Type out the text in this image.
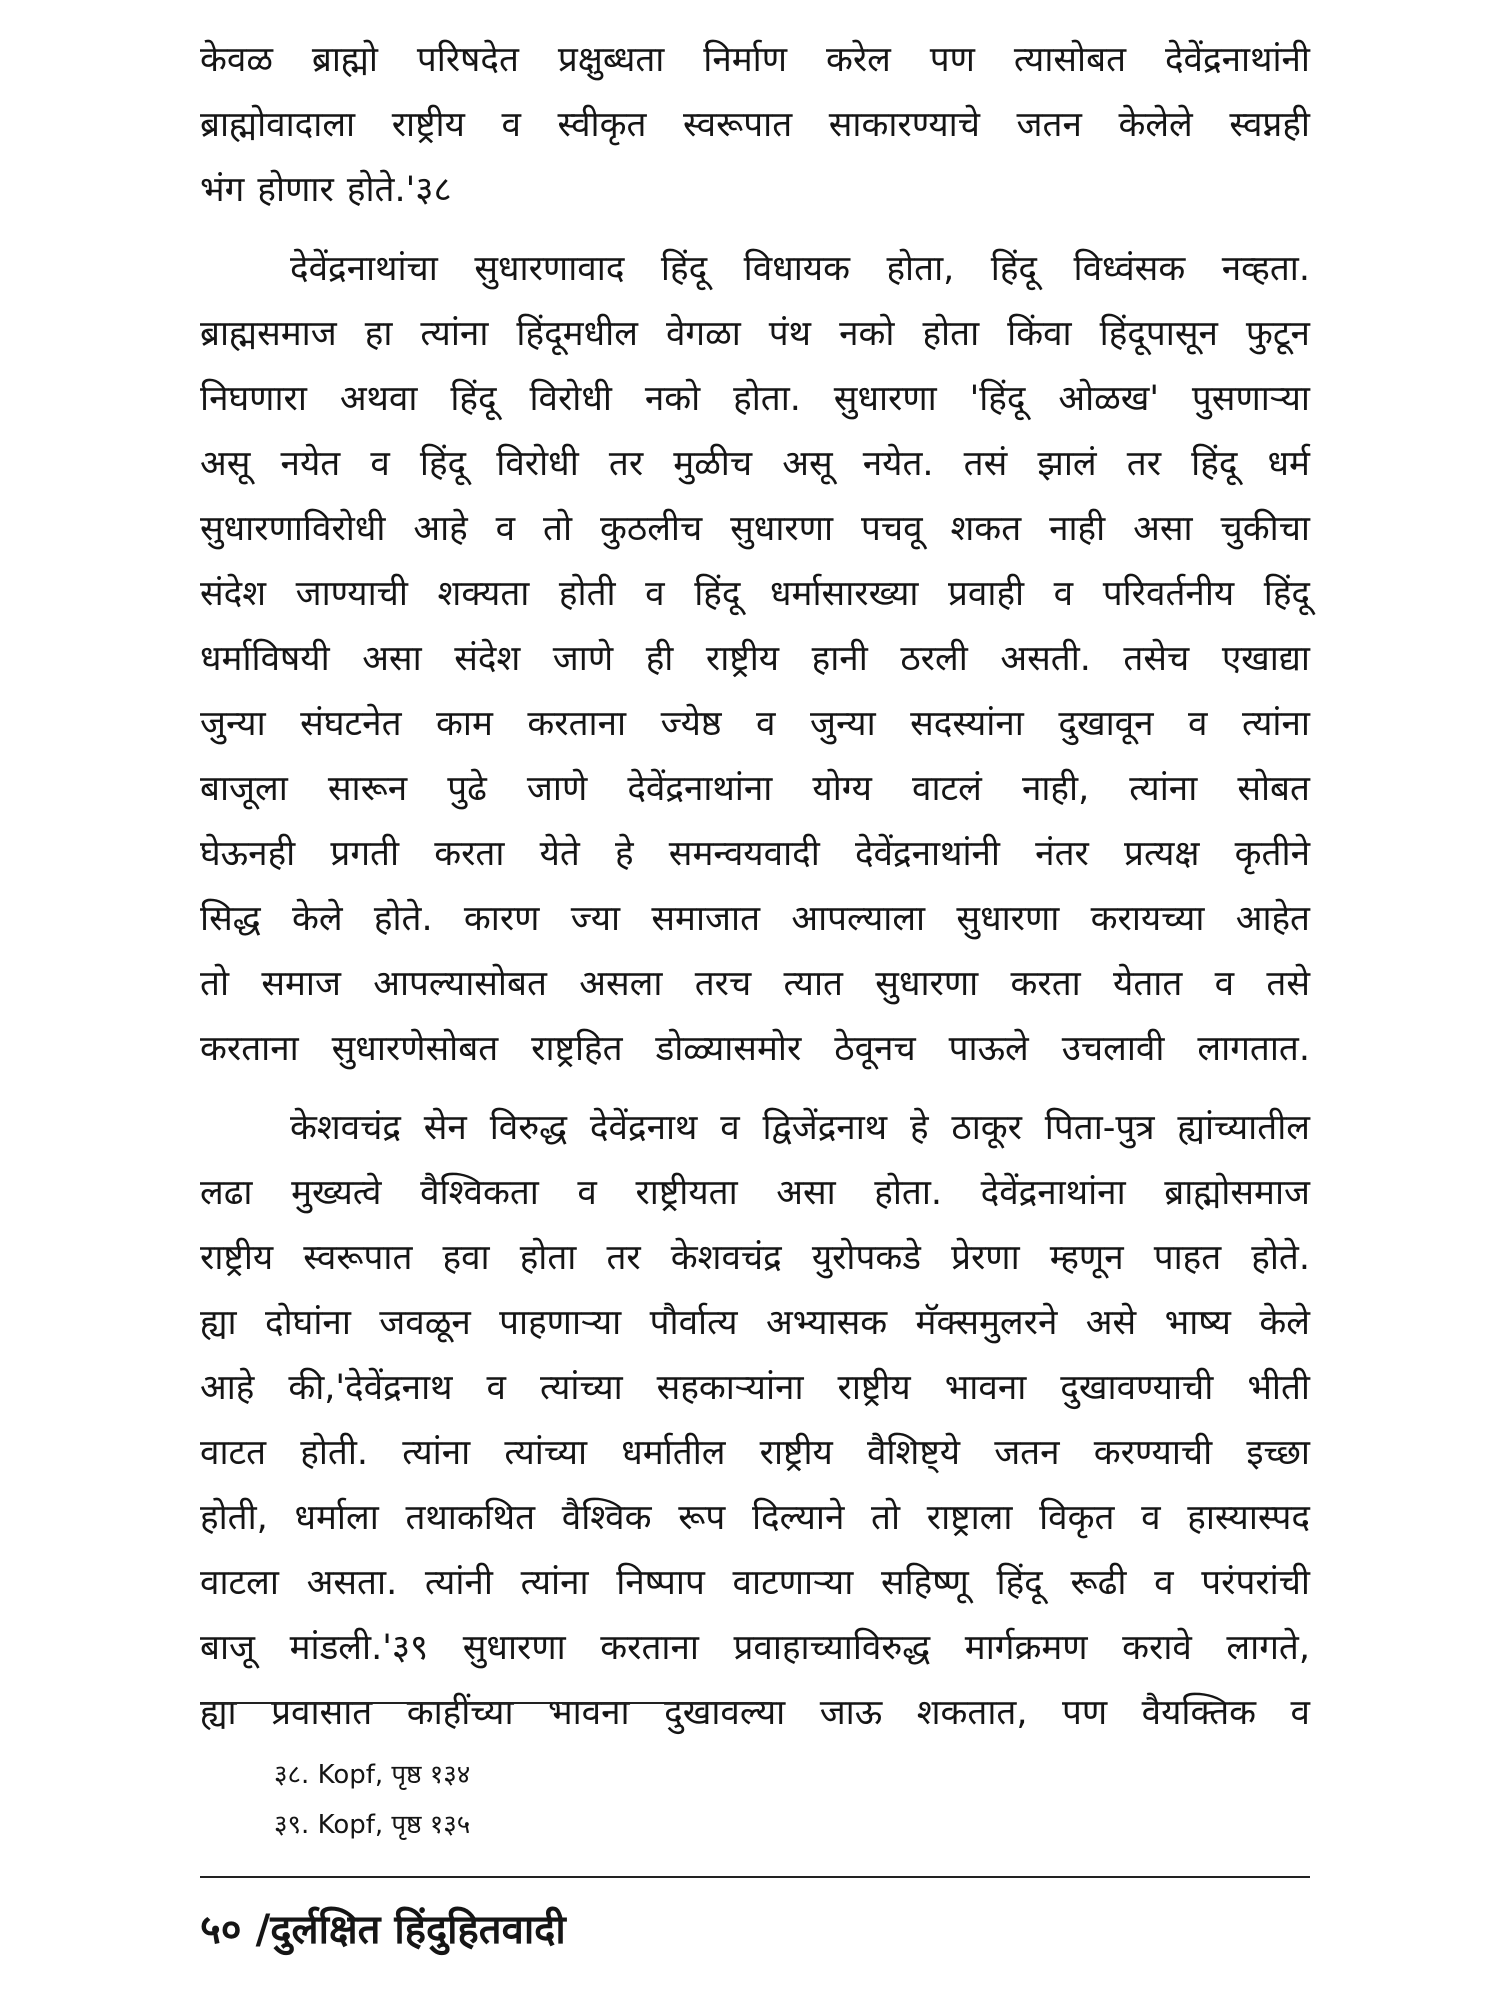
केवळ ब्राह्मो परिषदेत प्रक्षुब्धता निर्माण करेल पण त्यासोबत देवेंद्रनाथांनी
ब्राह्मोवादाला राष्ट्रीय व स्वीकृत स्वरूपात साकारण्याचे जतन केलेले स्वप्नही
भंग होणार होते.'३८

देवेंद्रनाथांचा सुधारणावाद हिंदू विधायक होता, हिंदू विध्वंसक नव्हता.
ब्राह्मसमाज हा त्यांना हिंदूमधील वेगळा पंथ नको होता किंवा हिंदूपासून फुटून
निघणारा अथवा हिंदू विरोधी नको होता. सुधारणा 'हिंदू ओळख' पुसणाऱ्या
असू नयेत व हिंदू विरोधी तर मुळीच असू नयेत. तसं झालं तर हिंदू धर्म
सुधारणाविरोधी आहे व तो कुठलीच सुधारणा पचवू शकत नाही असा चुकीचा
संदेश जाण्याची शक्यता होती व हिंदू धर्मासारख्या प्रवाही व परिवर्तनीय हिंदू
धर्माविषयी असा संदेश जाणे ही राष्ट्रीय हानी ठरली असती. तसेच एखाद्या
जुन्या संघटनेत काम करताना ज्येष्ठ व जुन्या सदस्यांना दुखावून व त्यांना
बाजूला सारून पुढे जाणे देवेंद्रनाथांना योग्य वाटलं नाही, त्यांना सोबत
घेऊनही प्रगती करता येते हे समन्वयवादी देवेंद्रनाथांनी नंतर प्रत्यक्ष कृतीने
सिद्ध केले होते. कारण ज्या समाजात आपल्याला सुधारणा करायच्या आहेत
तो समाज आपल्यासोबत असला तरच त्यात सुधारणा करता येतात व तसे
करताना सुधारणेसोबत राष्ट्रहित डोळ्यासमोर ठेवूनच पाऊले उचलावी लागतात.

केशवचंद्र सेन विरुद्ध देवेंद्रनाथ व द्विजेंद्रनाथ हे ठाकूर पिता-पुत्र ह्यांच्यातील
लढा मुख्यत्वे वैश्विकता व राष्ट्रीयता असा होता. देवेंद्रनाथांना ब्राह्मोसमाज
राष्ट्रीय स्वरूपात हवा होता तर केशवचंद्र युरोपकडे प्रेरणा म्हणून पाहत होते.
ह्या दोघांना जवळून पाहणाऱ्या पौर्वात्य अभ्यासक मॅक्समुलरने असे भाष्य केले
आहे की,'देवेंद्रनाथ व त्यांच्या सहकाऱ्यांना राष्ट्रीय भावना दुखावण्याची भीती
वाटत होती. त्यांना त्यांच्या धर्मातील राष्ट्रीय वैशिष्ट्ये जतन करण्याची इच्छा
होती, धर्माला तथाकथित वैश्विक रूप दिल्याने तो राष्ट्राला विकृत व हास्यास्पद
वाटला असता. त्यांनी त्यांना निष्पाप वाटणाऱ्या सहिष्णू हिंदू रूढी व परंपरांची
बाजू मांडली.'३९ सुधारणा करताना प्रवाहाच्याविरुद्ध मार्गक्रमण करावे लागते,
ह्या प्रवासात काहींच्या भावना दुखावल्या जाऊ शकतात, पण वैयक्तिक व

३८. Kopf, पृष्ठ १३४
३९. Kopf, पृष्ठ १३५
५० /दुर्लक्षित हिंदुहितवादी
